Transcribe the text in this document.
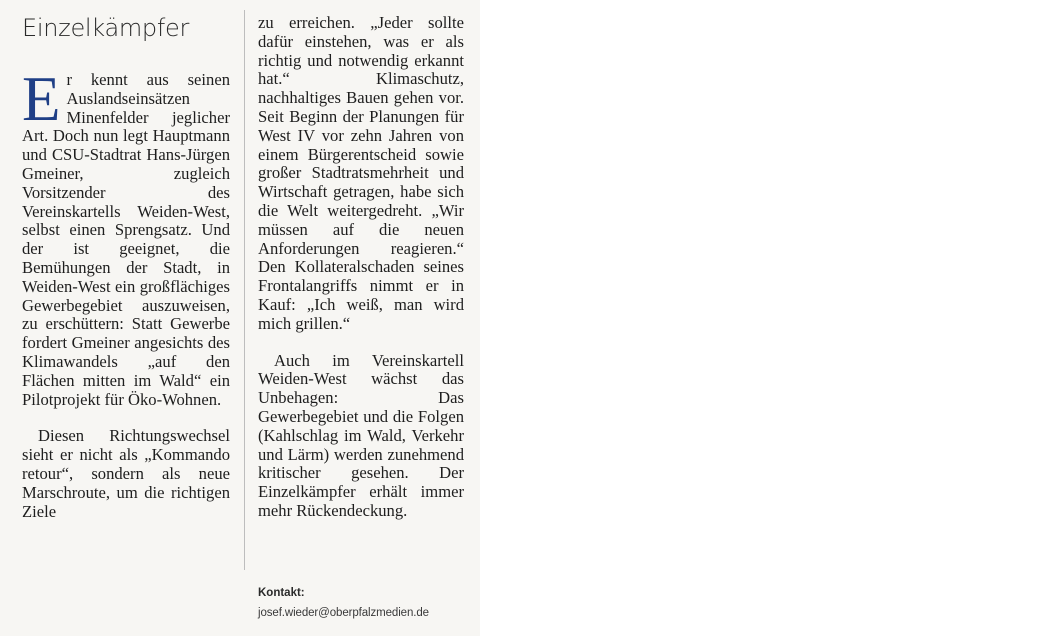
Einzelkämpfer

Er kennt aus seinen Auslandseinsätzen Minenfelder jeglicher Art. Doch nun legt Hauptmann und CSU-Stadtrat Hans-Jürgen Gmeiner, zugleich Vorsitzender des Vereinskartells Weiden-West, selbst einen Sprengsatz. Und der ist geeignet, die Bemühungen der Stadt, in Weiden-West ein großflächiges Gewerbegebiet auszuweisen, zu erschüttern: Statt Gewerbe fordert Gmeiner angesichts des Klimawandels „auf den Flächen mitten im Wald“ ein Pilotprojekt für Öko-Wohnen.

Diesen Richtungswechsel sieht er nicht als „Kommando retour“, sondern als neue Marschroute, um die richtigen Ziele

zu erreichen. „Jeder sollte dafür einstehen, was er als richtig und notwendig erkannt hat.“ Klimaschutz, nachhaltiges Bauen gehen vor. Seit Beginn der Planungen für West IV vor zehn Jahren von einem Bürgerentscheid sowie großer Stadtratsmehrheit und Wirtschaft getragen, habe sich die Welt weitergedreht. „Wir müssen auf die neuen Anforderungen reagieren.“ Den Kollateralschaden seines Frontalangriffs nimmt er in Kauf: „Ich weiß, man wird mich grillen.“

Auch im Vereinskartell Weiden-West wächst das Unbehagen: Das Gewerbegebiet und die Folgen (Kahlschlag im Wald, Verkehr und Lärm) werden zunehmend kritischer gesehen. Der Einzelkämpfer erhält immer mehr Rückendeckung.

Kontakt:
josef.wieder@oberpfalzmedien.de
